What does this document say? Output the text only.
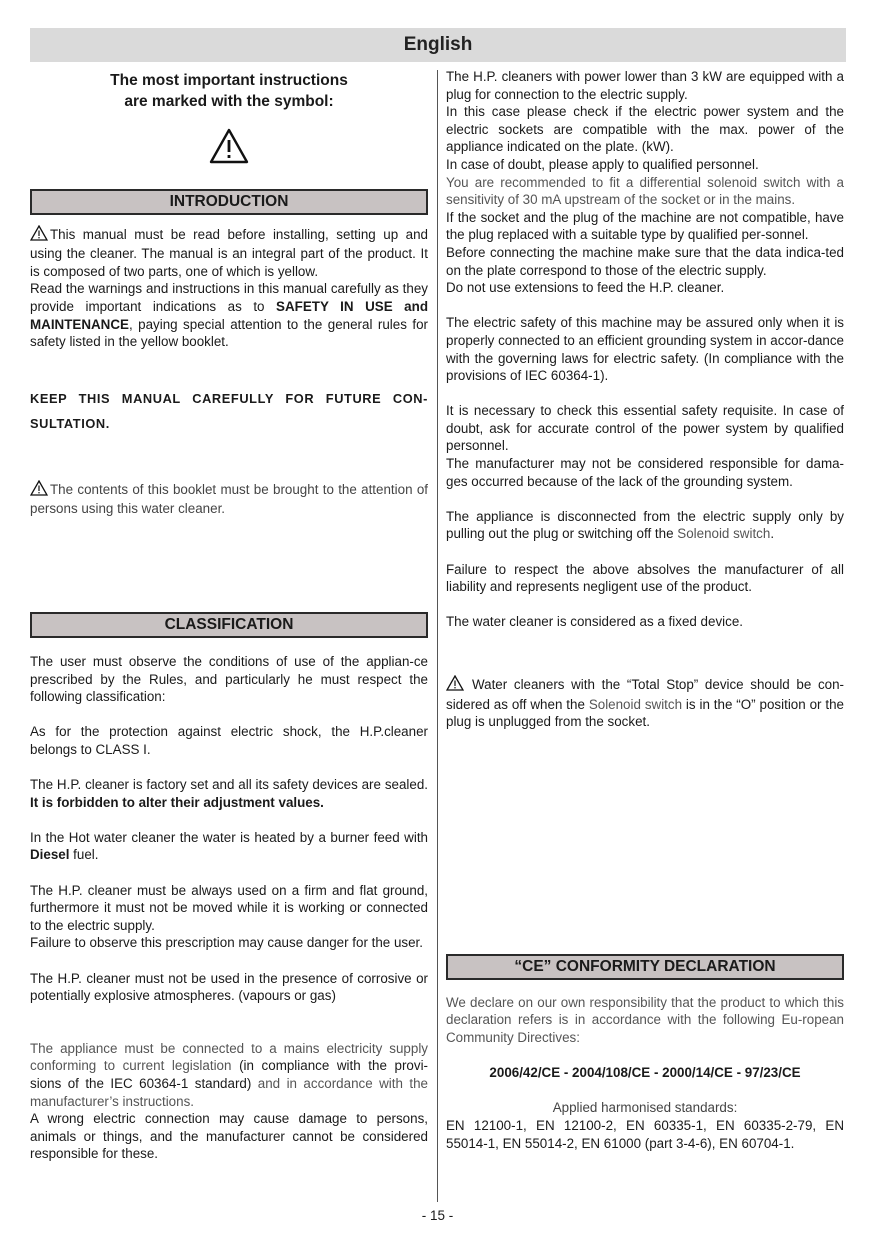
English
The most important instructions
are marked with the symbol:
INTRODUCTION

This manual must be read before installing, setting up and using the cleaner. The manual is an integral part of the product. It is composed of two parts, one of which is yellow.

Read the warnings and instructions in this manual carefully as they provide important indications as to SAFETY IN USE and MAINTENANCE, paying special attention to the general rules for safety listed in the yellow booklet.

KEEP THIS MANUAL CAREFULLY FOR FUTURE CON-SULTATION.

The contents of this booklet must be brought to the attention of persons using this water cleaner.

CLASSIFICATION

The user must observe the conditions of use of the applian-ce prescribed by the Rules, and particularly he must respect the following classification:

As for the protection against electric shock, the H.P.cleaner belongs to CLASS I.

The H.P. cleaner is factory set and all its safety devices are sealed. It is forbidden to alter their adjustment values.

In the Hot water cleaner the water is heated by a burner feed with Diesel fuel.

The H.P. cleaner must be always used on a firm and flat ground, furthermore it must not be moved while it is working or connected to the electric supply.

Failure to observe this prescription may cause danger for the user.

The H.P. cleaner must not be used in the presence of corrosive or potentially explosive atmospheres. (vapours or gas)

The appliance must be connected to a mains electricity supply conforming to current legislation (in compliance with the provi-sions of the IEC 60364-1 standard) and in accordance with the manufacturer’s instructions.

A wrong electric connection may cause damage to persons, animals or things, and the manufacturer cannot be considered responsible for these.

The H.P. cleaners with power lower than 3 kW are equipped with a plug for connection to the electric supply.

In this case please check if the electric power system and the electric sockets are compatible with the max. power of the appliance indicated on the plate. (kW).

In case of doubt, please apply to qualified personnel.

You are recommended to fit a differential solenoid switch with a sensitivity of 30 mA upstream of the socket or in the mains.

If the socket and the plug of the machine are not compatible, have the plug replaced with a suitable type by qualified per-sonnel.

Before connecting the machine make sure that the data indica-ted on the plate correspond to those of the electric supply.

Do not use extensions to feed the H.P. cleaner.

The electric safety of this machine may be assured only when it is properly connected to an efficient grounding system in accor-dance with the governing laws for electric safety. (In compliance with the provisions of IEC 60364-1).

It is necessary to check this essential safety requisite. In case of doubt, ask for accurate control of the power system by qualified personnel.

The manufacturer may not be considered responsible for dama-ges occurred because of the lack of the grounding system.

The appliance is disconnected from the electric supply only by pulling out the plug or switching off the Solenoid switch.

Failure to respect the above absolves the manufacturer of all liability and represents negligent use of the product.

The water cleaner is considered as a fixed device.

Water cleaners with the “Total Stop” device should be con-sidered as off when the Solenoid switch is in the “O” position or the plug is unplugged from the socket.

“CE” CONFORMITY DECLARATION

We declare on our own responsibility that the product to which this declaration refers is in accordance with the following Eu-ropean Community Directives:

2006/42/CE - 2004/108/CE - 2000/14/CE - 97/23/CE

Applied harmonised standards:

EN 12100-1, EN 12100-2, EN 60335-1, EN 60335-2-79, EN 55014-1, EN 55014-2, EN 61000 (part 3-4-6), EN 60704-1.

- 15 -
